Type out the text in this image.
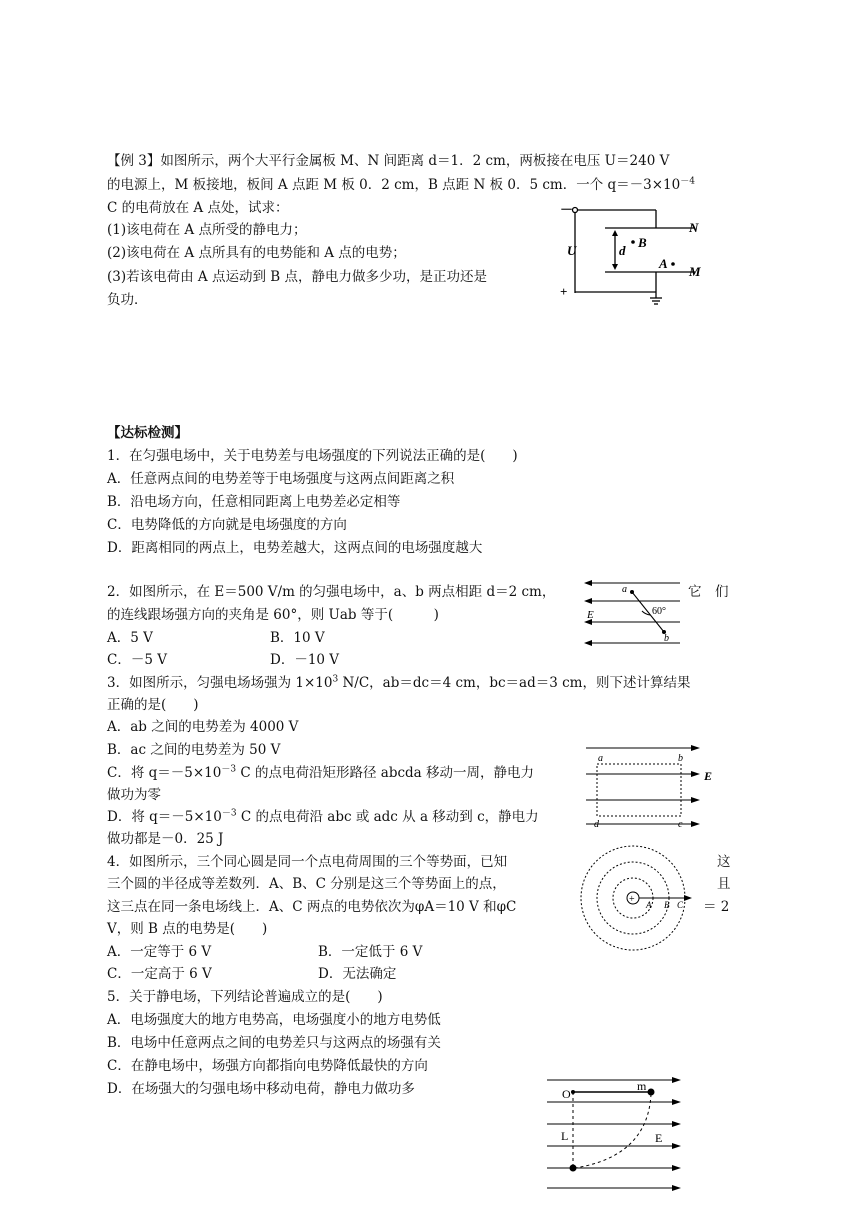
【例 3】如图所示，两个大平行金属板 M、N 间距离 d＝1．2 cm，两板接在电压 U＝240 V
的电源上，M 板接地，板间 A 点距 M 板 0．2 cm，B 点距 N 板 0．5 cm．一个 $q=-3\times 10^{-4}$
C 的电荷放在 A 点处，试求：
(1)该电荷在 A 点所受的静电力；
(2)该电荷在 A 点所具有的电势能和 A 点的电势；
(3)若该电荷由 A 点运动到 B 点，静电力做多少功，是正功还是
负功．
－
+
U
N
M
d
B
A
【达标检测】
1．在匀强电场中，关于电势差与电场强度的下列说法正确的是(　　)
A．任意两点间的电势差等于电场强度与这两点间距离之积
B．沿电场方向，任意相同距离上电势差必定相等
C．电势降低的方向就是电场强度的方向
D．距离相同的两点上，电势差越大，这两点间的电场强度越大
2．如图所示，在 E＝500 V/m 的匀强电场中，a、b 两点相距 d＝2 cm，	它　们
的连线跟场强方向的夹角是 60°，则 Uab 等于(　　　)
A．5 V	B．10 V
C．－5 V	D．－10 V
a
b
E	60°
3．如图所示，匀强电场场强为 $1\times 10^3$ N/C，ab＝dc＝4 cm，bc＝ad＝3 cm，则下述计算结果
正确的是(　　)
A．ab 之间的电势差为 4000 V
B．ac 之间的电势差为 50 V
C．将 $q=-5\times 10^{-3}$ C 的点电荷沿矩形路径 abcda 移动一周，静电力
做功为零
D．将 $q=-5\times 10^{-3}$ C 的点电荷沿 abc 或 adc 从 a 移动到 c，静电力
做功都是－0．25 J
a	b
c
d
E
4．如图所示，三个同心圆是同一个点电荷周围的三个等势面，已知	这
三个圆的半径成等差数列．A、B、C 分别是这三个等势面上的点，	且
这三点在同一条电场线上．A、C 两点的电势依次为φA＝10 V 和φC	＝ 2
V，则 B 点的电势是(　　)
A．一定等于 6 V	B．一定低于 6 V
C．一定高于 6 V	D．无法确定
+ A B C
5．关于静电场，下列结论普遍成立的是(　　)
A．电场强度大的地方电势高，电场强度小的地方电势低
B．电场中任意两点之间的电势差只与这两点的场强有关
C．在静电场中，场强方向都指向电势降低最快的方向
D．在场强大的匀强电场中移动电荷，静电力做功多	O
m
L	E
